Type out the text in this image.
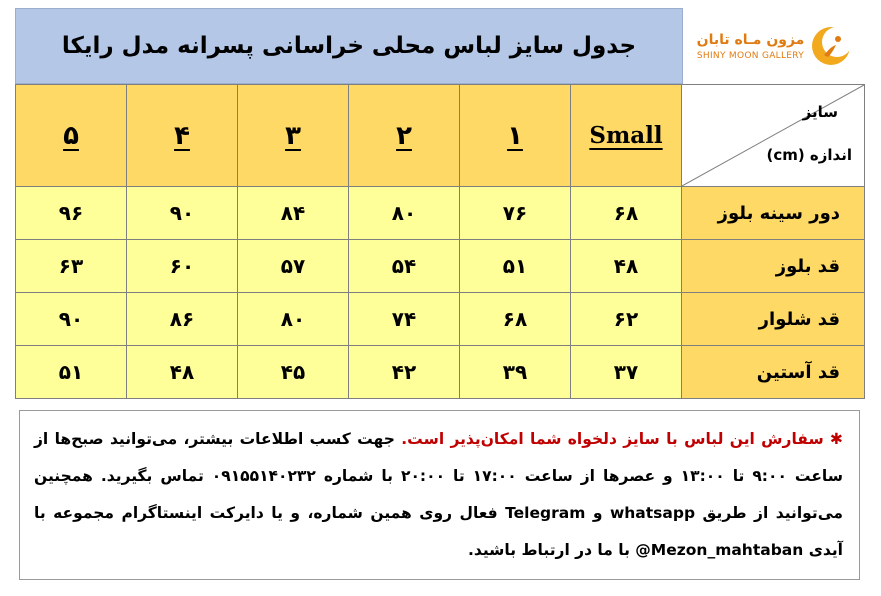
جدول سایز لباس محلی خراسانی پسرانه مدل رایکا	مزون مـاه تابان
SHINY MOON GALLERY
۵	۴	۳	۲	۱	Small	سایز
اندازه (cm)

۹۶	۹۰	۸۴	۸۰	۷۶	۶۸	دور سینه بلوز
۶۳	۶۰	۵۷	۵۴	۵۱	۴۸	قد بلوز
۹۰	۸۶	۸۰	۷۴	۶۸	۶۲	قد شلوار
۵۱	۴۸	۴۵	۴۲	۳۹	۳۷	قد آستین
✱ سفارش این لباس با سایز دلخواه شما امکان‌پذیر است. جهت کسب اطلاعات بیشتر، می‌توانید صبح‌ها از ساعت ۹:۰۰ تا ۱۳:۰۰ و عصرها از ساعت ۱۷:۰۰ تا ۲۰:۰۰ با شماره ۰۹۱۵۵۱۴۰۲۳۲ تماس بگیرید. همچنین می‌توانید از طریق whatsapp و Telegram فعال روی همین شماره، و یا دایرکت اینستاگرام مجموعه با آیدی Mezon_mahtaban@ با ما در ارتباط باشید.
